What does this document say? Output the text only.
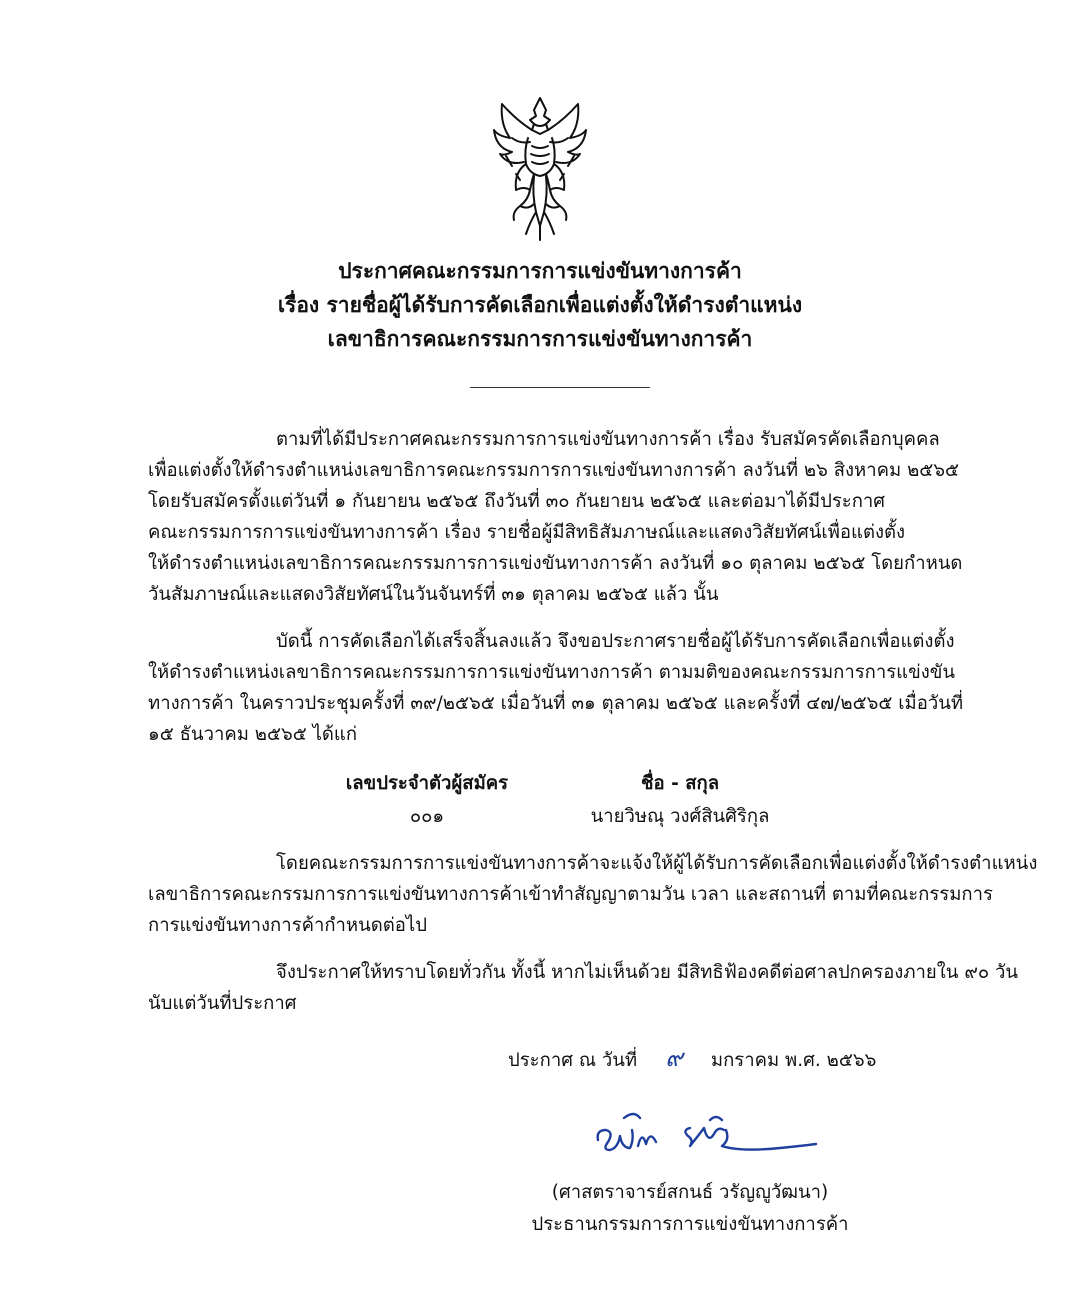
ประกาศคณะกรรมการการแข่งขันทางการค้า
เรื่อง รายชื่อผู้ได้รับการคัดเลือกเพื่อแต่งตั้งให้ดำรงตำแหน่ง
เลขาธิการคณะกรรมการการแข่งขันทางการค้า
ตามที่ได้มีประกาศคณะกรรมการการแข่งขันทางการค้า เรื่อง รับสมัครคัดเลือกบุคคล
เพื่อแต่งตั้งให้ดำรงตำแหน่งเลขาธิการคณะกรรมการการแข่งขันทางการค้า ลงวันที่ ๒๖ สิงหาคม ๒๕๖๕
โดยรับสมัครตั้งแต่วันที่ ๑ กันยายน ๒๕๖๕ ถึงวันที่ ๓๐ กันยายน ๒๕๖๕ และต่อมาได้มีประกาศ
คณะกรรมการการแข่งขันทางการค้า เรื่อง รายชื่อผู้มีสิทธิสัมภาษณ์และแสดงวิสัยทัศน์เพื่อแต่งตั้ง
ให้ดำรงตำแหน่งเลขาธิการคณะกรรมการการแข่งขันทางการค้า ลงวันที่ ๑๐ ตุลาคม ๒๕๖๕ โดยกำหนด
วันสัมภาษณ์และแสดงวิสัยทัศน์ในวันจันทร์ที่ ๓๑ ตุลาคม ๒๕๖๕ แล้ว นั้น
บัดนี้ การคัดเลือกได้เสร็จสิ้นลงแล้ว จึงขอประกาศรายชื่อผู้ได้รับการคัดเลือกเพื่อแต่งตั้ง
ให้ดำรงตำแหน่งเลขาธิการคณะกรรมการการแข่งขันทางการค้า ตามมติของคณะกรรมการการแข่งขัน
ทางการค้า ในคราวประชุมครั้งที่ ๓๙/๒๕๖๕ เมื่อวันที่ ๓๑ ตุลาคม ๒๕๖๕ และครั้งที่ ๔๗/๒๕๖๕ เมื่อวันที่
๑๕ ธันวาคม ๒๕๖๕ ได้แก่
เลขประจำตัวผู้สมัคร	ชื่อ - สกุล
๐๐๑	นายวิษณุ วงศ์สินศิริกุล
โดยคณะกรรมการการแข่งขันทางการค้าจะแจ้งให้ผู้ได้รับการคัดเลือกเพื่อแต่งตั้งให้ดำรงตำแหน่ง
เลขาธิการคณะกรรมการการแข่งขันทางการค้าเข้าทำสัญญาตามวัน เวลา และสถานที่ ตามที่คณะกรรมการ
การแข่งขันทางการค้ากำหนดต่อไป
จึงประกาศให้ทราบโดยทั่วกัน ทั้งนี้ หากไม่เห็นด้วย มีสิทธิฟ้องคดีต่อศาลปกครองภายใน ๙๐ วัน
นับแต่วันที่ประกาศ
ประกาศ ณ วันที่ ๙ มกราคม พ.ศ. ๒๕๖๖
(ศาสตราจารย์สกนธ์ วรัญญูวัฒนา)
ประธานกรรมการการแข่งขันทางการค้า
